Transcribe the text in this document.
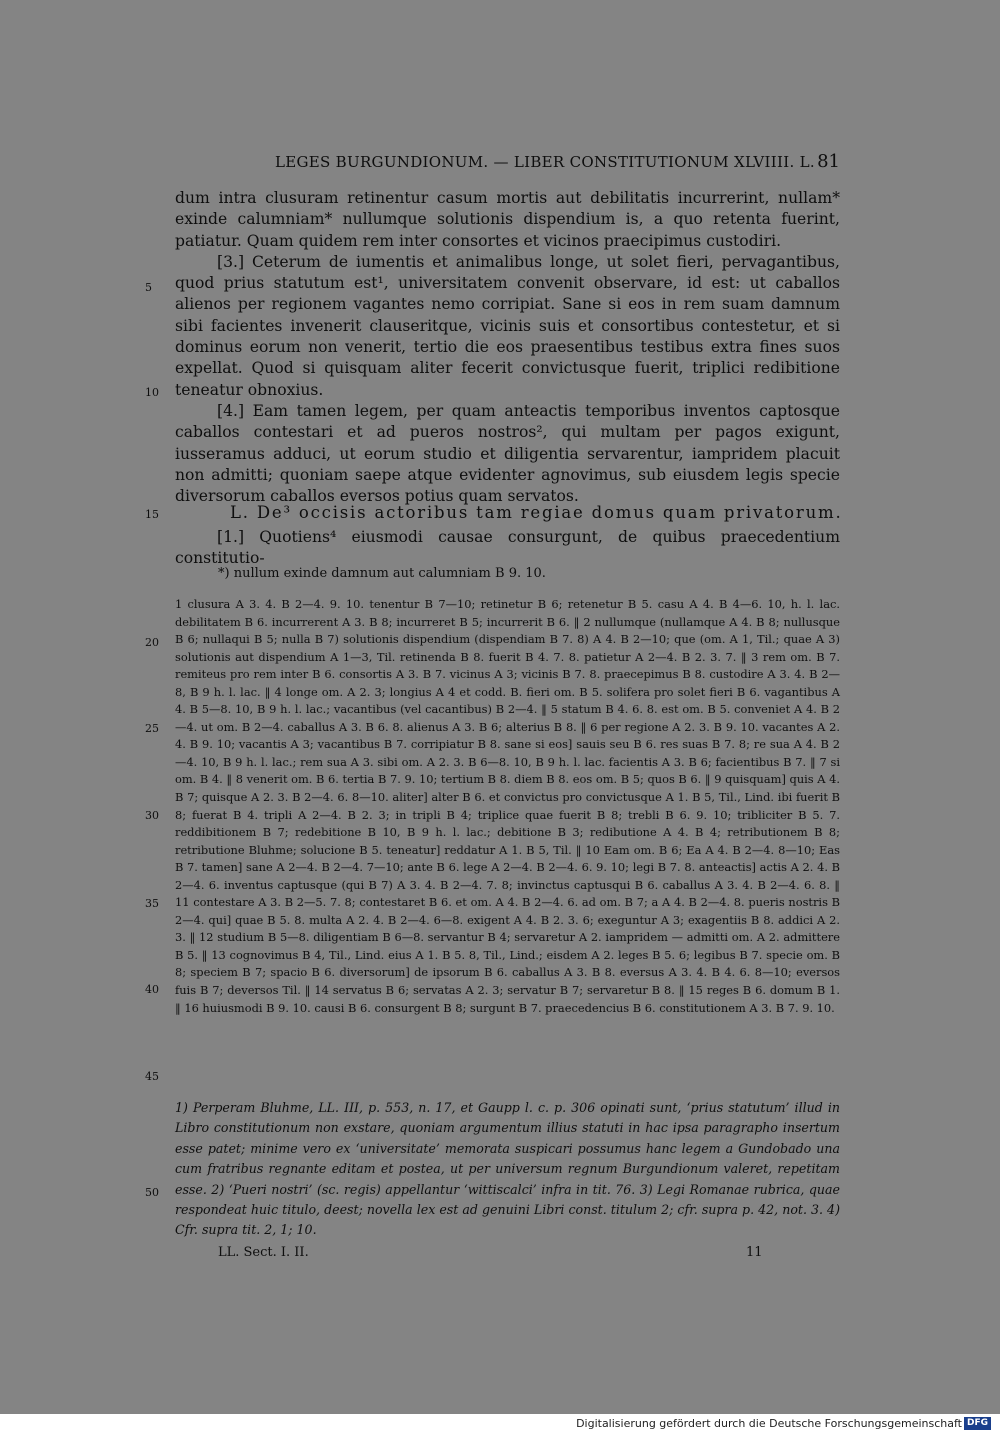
LEGES BURGUNDIONUM. — LIBER CONSTITUTIONUM XLVIIII. L. 81

dum intra clusuram retinentur casum mortis aut debilitatis incurrerint, nullam* exinde calumniam* nullumque solutionis dispendium is, a quo retenta fuerint, patiatur. Quam quidem rem inter consortes et vicinos praecipimus custodiri.

[3.] Ceterum de iumentis et animalibus longe, ut solet fieri, pervagantibus, quod prius statutum est¹, universitatem convenit observare, id est: ut caballos alienos per regionem vagantes nemo corripiat. Sane si eos in rem suam damnum sibi facientes invenerit clauseritque, vicinis suis et consortibus contestetur, et si dominus eorum non venerit, tertio die eos praesentibus testibus extra fines suos expellat. Quod si quisquam aliter fecerit convictusque fuerit, triplici redibitione teneatur obnoxius.

[4.] Eam tamen legem, per quam anteactis temporibus inventos captosque caballos contestari et ad pueros nostros², qui multam per pagos exigunt, iusseramus adduci, ut eorum studio et diligentia servarentur, iampridem placuit non admitti; quoniam saepe atque evidenter agnovimus, sub eiusdem legis specie diversorum caballos eversos potius quam servatos.

L. De³ occisis actoribus tam regiae domus quam privatorum.

[1.] Quotiens⁴ eiusmodi causae consurgunt, de quibus praecedentium constitutio-

5
10
15
20
25
30
35
40
45
50
*) nullum exinde damnum aut calumniam B 9. 10.
1 clusura A 3. 4. B 2—4. 9. 10. tenentur B 7—10; retinetur B 6; retenetur B 5. casu A 4. B 4—6. 10, h. l. lac. debilitatem B 6. incurrerent A 3. B 8; incurreret B 5; incurrerit B 6. ‖ 2 nullumque (nullamque A 4. B 8; nullusque B 6; nullaqui B 5; nulla B 7) solutionis dispendium (dispendiam B 7. 8) A 4. B 2—10; que (om. A 1, Til.; quae A 3) solutionis aut dispendium A 1—3, Til. retinenda B 8. fuerit B 4. 7. 8. patietur A 2—4. B 2. 3. 7. ‖ 3 rem om. B 7. remiteus pro rem inter B 6. consortis A 3. B 7. vicinus A 3; vicinis B 7. 8. praecepimus B 8. custodire A 3. 4. B 2—8, B 9 h. l. lac. ‖ 4 longe om. A 2. 3; longius A 4 et codd. B. fieri om. B 5. solifera pro solet fieri B 6. vagantibus A 4. B 5—8. 10, B 9 h. l. lac.; vacantibus (vel cacantibus) B 2—4. ‖ 5 statum B 4. 6. 8. est om. B 5. conveniet A 4. B 2—4. ut om. B 2—4. caballus A 3. B 6. 8. alienus A 3. B 6; alterius B 8. ‖ 6 per regione A 2. 3. B 9. 10. vacantes A 2. 4. B 9. 10; vacantis A 3; vacantibus B 7. corripiatur B 8. sane si eos] sauis seu B 6. res suas B 7. 8; re sua A 4. B 2—4. 10, B 9 h. l. lac.; rem sua A 3. sibi om. A 2. 3. B 6—8. 10, B 9 h. l. lac. facientis A 3. B 6; facientibus B 7. ‖ 7 si om. B 4. ‖ 8 venerit om. B 6. tertia B 7. 9. 10; tertium B 8. diem B 8. eos om. B 5; quos B 6. ‖ 9 quisquam] quis A 4. B 7; quisque A 2. 3. B 2—4. 6. 8—10. aliter] alter B 6. et convictus pro convictusque A 1. B 5, Til., Lind. ibi fuerit B 8; fuerat B 4. tripli A 2—4. B 2. 3; in tripli B 4; triplice quae fuerit B 8; trebli B 6. 9. 10; tribliciter B 5. 7. reddibitionem B 7; redebitione B 10, B 9 h. l. lac.; debitione B 3; redibutione A 4. B 4; retributionem B 8; retributione Bluhme; solucione B 5. teneatur] reddatur A 1. B 5, Til. ‖ 10 Eam om. B 6; Ea A 4. B 2—4. 8—10; Eas B 7. tamen] sane A 2—4. B 2—4. 7—10; ante B 6. lege A 2—4. B 2—4. 6. 9. 10; legi B 7. 8. anteactis] actis A 2. 4. B 2—4. 6. inventus captusque (qui B 7) A 3. 4. B 2—4. 7. 8; invinctus captusqui B 6. caballus A 3. 4. B 2—4. 6. 8. ‖ 11 contestare A 3. B 2—5. 7. 8; contestaret B 6. et om. A 4. B 2—4. 6. ad om. B 7; a A 4. B 2—4. 8. pueris nostris B 2—4. qui] quae B 5. 8. multa A 2. 4. B 2—4. 6—8. exigent A 4. B 2. 3. 6; exeguntur A 3; exagentiis B 8. addici A 2. 3. ‖ 12 studium B 5—8. diligentiam B 6—8. servantur B 4; servaretur A 2. iampridem — admitti om. A 2. admittere B 5. ‖ 13 cognovimus B 4, Til., Lind. eius A 1. B 5. 8, Til., Lind.; eisdem A 2. leges B 5. 6; legibus B 7. specie om. B 8; speciem B 7; spacio B 6. diversorum] de ipsorum B 6. caballus A 3. B 8. eversus A 3. 4. B 4. 6. 8—10; eversos fuis B 7; deversos Til. ‖ 14 servatus B 6; servatas A 2. 3; servatur B 7; servaretur B 8. ‖ 15 reges B 6. domum B 1. ‖ 16 huiusmodi B 9. 10. causi B 6. consurgent B 8; surgunt B 7. praecedencius B 6. constitutionem A 3. B 7. 9. 10.
1) Perperam Bluhme, LL. III, p. 553, n. 17, et Gaupp l. c. p. 306 opinati sunt, ‘prius statutum’ illud in Libro constitutionum non exstare, quoniam argumentum illius statuti in hac ipsa paragrapho insertum esse patet; minime vero ex ‘universitate’ memorata suspicari possumus hanc legem a Gundobado una cum fratribus regnante editam et postea, ut per universum regnum Burgundionum valeret, repetitam esse. 2) ‘Pueri nostri’ (sc. regis) appellantur ‘wittiscalci’ infra in tit. 76. 3) Legi Romanae rubrica, quae respondeat huic titulo, deest; novella lex est ad genuini Libri const. titulum 2; cfr. supra p. 42, not. 3. 4) Cfr. supra tit. 2, 1; 10.
LL. Sect. I. II.	11
Digitalisierung gefördert durch die Deutsche Forschungsgemeinschaft DFG
